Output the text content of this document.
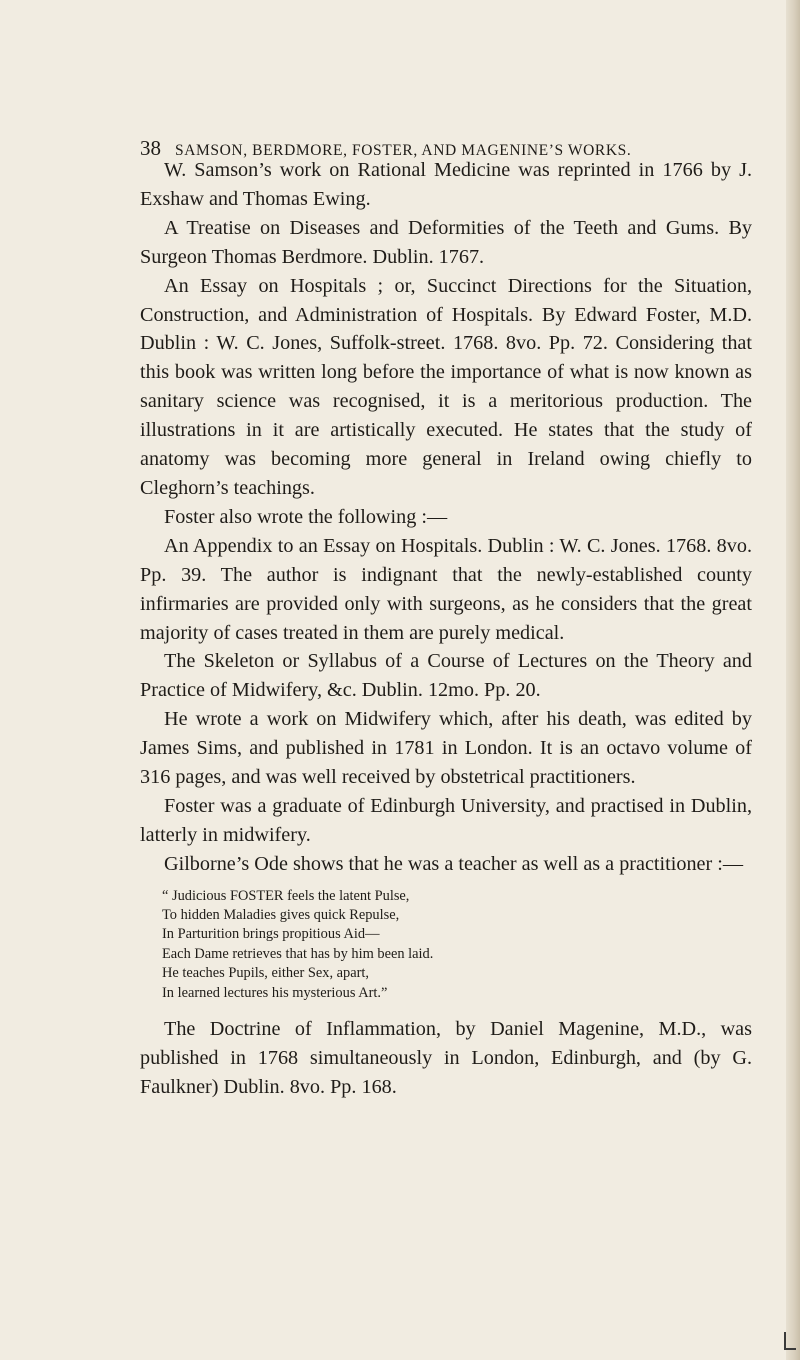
38 SAMSON, BERDMORE, FOSTER, AND MAGENINE’S WORKS.

W. Samson’s work on Rational Medicine was reprinted in 1766 by J. Exshaw and Thomas Ewing.

A Treatise on Diseases and Deformities of the Teeth and Gums. By Surgeon Thomas Berdmore. Dublin. 1767.

An Essay on Hospitals ; or, Succinct Directions for the Situation, Construction, and Administration of Hospitals. By Edward Foster, M.D. Dublin : W. C. Jones, Suffolk-street. 1768. 8vo. Pp. 72. Considering that this book was written long before the importance of what is now known as sanitary science was recognised, it is a meritorious production. The illustrations in it are artistically executed. He states that the study of anatomy was becoming more general in Ireland owing chiefly to Cleghorn’s teachings.

Foster also wrote the following :—

An Appendix to an Essay on Hospitals. Dublin : W. C. Jones. 1768. 8vo. Pp. 39. The author is indignant that the newly-established county infirmaries are provided only with surgeons, as he considers that the great majority of cases treated in them are purely medical.

The Skeleton or Syllabus of a Course of Lectures on the Theory and Practice of Midwifery, &c. Dublin. 12mo. Pp. 20.

He wrote a work on Midwifery which, after his death, was edited by James Sims, and published in 1781 in London. It is an octavo volume of 316 pages, and was well received by obstetrical practitioners.

Foster was a graduate of Edinburgh University, and practised in Dublin, latterly in midwifery.

Gilborne’s Ode shows that he was a teacher as well as a practitioner :—

“ Judicious FOSTER feels the latent Pulse,
To hidden Maladies gives quick Repulse,
In Parturition brings propitious Aid—
Each Dame retrieves that has by him been laid.
He teaches Pupils, either Sex, apart,
In learned lectures his mysterious Art.”

The Doctrine of Inflammation, by Daniel Magenine, M.D., was published in 1768 simultaneously in London, Edinburgh, and (by G. Faulkner) Dublin. 8vo. Pp. 168.
